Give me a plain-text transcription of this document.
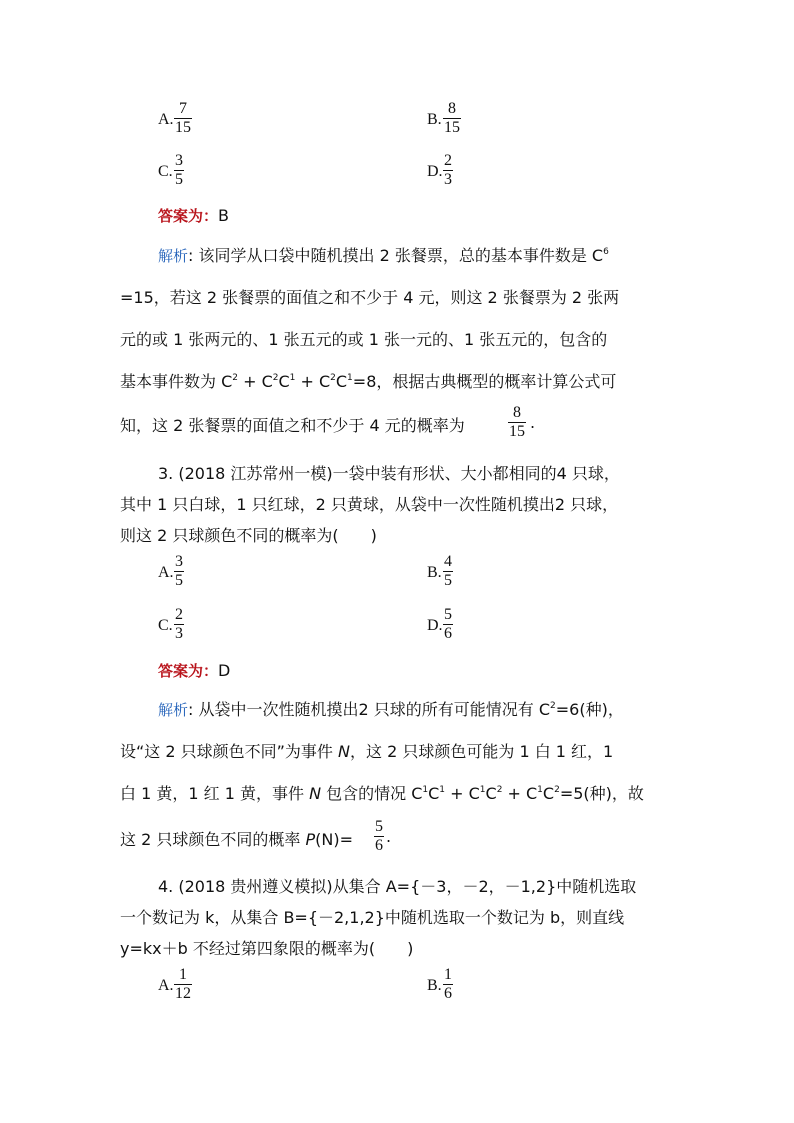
A. $\frac{7}{15}$	B. $\frac{8}{15}$
C. $\frac{3}{5}$	D. $\frac{2}{3}$
答案为：B
解析: 该同学从口袋中随机摸出 2 张餐票，总的基本事件数是 $C^6$
=15，若这 2 张餐票的面值之和不少于 4 元，则这 2 张餐票为 2 张两
元的或 1 张两元的、1 张五元的或 1 张一元的、1 张五元的，包含的
基本事件数为 $C^2 + C^2C^1 + C^2C^1=8$，根据古典概型的概率计算公式可
知，这 2 张餐票的面值之和不少于 4 元的概率为	$\frac{8}{15}$ .
3. (2018 江苏常州一模)一袋中装有形状、大小都相同的4 只球，
其中 1 只白球，1 只红球，2 只黄球，从袋中一次性随机摸出2 只球，
则这 2 只球颜色不同的概率为(　　)
A. $\frac{3}{5}$	B. $\frac{4}{5}$
C. $\frac{2}{3}$	D. $\frac{5}{6}$
答案为：D
解析: 从袋中一次性随机摸出2 只球的所有可能情况有 $C^2=6$(种)，
设“这 2 只球颜色不同”为事件 N，这 2 只球颜色可能为 1 白 1 红，1
白 1 黄，1 红 1 黄，事件 N 包含的情况 $C^1C^1 + C^1C^2 + C^1C^2=5$(种)，故
这 2 只球颜色不同的概率 $P(N)= \frac{5}{6}$ .
4. (2018 贵州遵义模拟)从集合 A={－3，－2，－1,2}中随机选取
一个数记为 k，从集合 B={－2,1,2}中随机选取一个数记为 b，则直线
y=kx＋b 不经过第四象限的概率为(　　)
A. $\frac{1}{12}$	B. $\frac{1}{6}$
